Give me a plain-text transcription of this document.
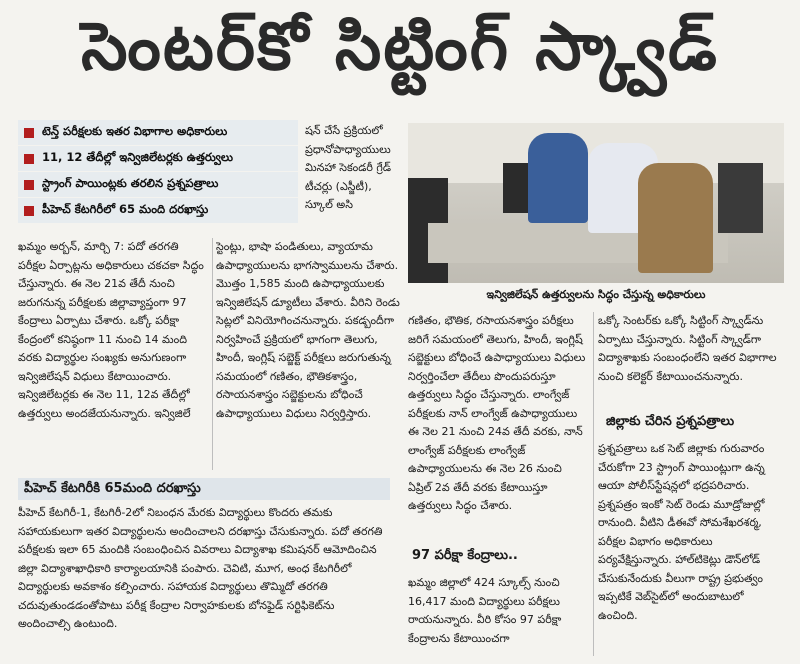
సెంటర్‌కో సిట్టింగ్ స్క్వాడ్
టెన్త్ పరీక్షలకు ఇతర విభాగాల అధికారులు
11, 12 తేదీల్లో ఇన్విజిలేటర్లకు ఉత్తర్వులు
స్ట్రాంగ్ పాయింట్లకు తరలిన ప్రశ్నపత్రాలు
పీహెచ్ కేటగిరీలో 65 మంది దరఖాస్తు

షన్ చేసే ప్రక్రియలో ప్రధానోపాధ్యాయులు మినహా సెకండరీ గ్రేడ్ టీచర్లు (ఎస్జీటీ), స్కూల్ అసి

ఇన్విజిలేషన్ ఉత్తర్వులను సిద్ధం చేస్తున్న అధికారులు

ఖమ్మం అర్బన్, మార్చి 7: పదో తరగతి పరీక్షల ఏర్పాట్లను అధికారులు చకచకా సిద్ధం చేస్తున్నారు. ఈ నెల 21వ తేదీ నుంచి జరుగనున్న పరీక్షలకు జిల్లావ్యాప్తంగా 97 కేంద్రాలు ఏర్పాటు చేశారు. ఒక్కో పరీక్షా కేంద్రంలో కనిష్ఠంగా 11 నుంచి 14 మంది వరకు విద్యార్థుల సంఖ్యకు అనుగుణంగా ఇన్విజిలేషన్ విధులు కేటాయించారు. ఇన్విజిలేటర్లకు ఈ నెల 11, 12వ తేదీల్లో ఉత్తర్వులు అందజేయనున్నారు. ఇన్విజిలే

స్టెంట్లు, భాషా పండితులు, వ్యాయామ ఉపాధ్యాయులను భాగస్వాములను చేశారు. మొత్తం 1,585 మంది ఉపాధ్యాయులకు ఇన్విజిలేషన్ డ్యూటీలు వేశారు. వీరిని రెండు సెట్లలో వినియోగించనున్నారు. పకడ్బందీగా నిర్వహించే ప్రక్రియలో భాగంగా తెలుగు, హిందీ, ఇంగ్లిష్ సబ్జెక్ట్ పరీక్షలు జరుగుతున్న సమయంలో గణితం, భౌతికశాస్త్రం, రసాయనశాస్త్రం సబ్జెక్టులను బోధించే ఉపాధ్యాయులు విధులు నిర్వర్తిస్తారు.

గణితం, భౌతిక, రసాయనశాస్త్రం పరీక్షలు జరిగే సమయంలో తెలుగు, హిందీ, ఇంగ్లిష్ సబ్జెక్టులు బోధించే ఉపాధ్యాయులు విధులు నిర్వర్తించేలా తేదీలు పొందుపరుస్తూ ఉత్తర్వులు సిద్ధం చేస్తున్నారు. లాంగ్వేజ్ పరీక్షలకు నాన్ లాంగ్వేజ్ ఉపాధ్యాయులు ఈ నెల 21 నుంచి 24వ తేదీ వరకు, నాన్ లాంగ్వేజ్ పరీక్షలకు లాంగ్వేజ్ ఉపాధ్యాయులను ఈ నెల 26 నుంచి ఏప్రిల్ 2వ తేదీ వరకు కేటాయిస్తూ ఉత్తర్వులు సిద్ధం చేశారు.

97 పరీక్షా కేంద్రాలు..

ఖమ్మం జిల్లాలో 424 స్కూల్స్ నుంచి 16,417 మంది విద్యార్థులు పరీక్షలు రాయనున్నారు. వీరి కోసం 97 పరీక్షా కేంద్రాలను కేటాయించగా

ఒక్కో సెంటర్‌కు ఒక్కో సిట్టింగ్ స్క్వాడ్‌ను ఏర్పాటు చేస్తున్నారు. సిట్టింగ్ స్క్వాడ్‌గా విద్యాశాఖకు సంబంధంలేని ఇతర విభాగాల నుంచి కలెక్టర్ కేటాయించనున్నారు.

జిల్లాకు చేరిన ప్రశ్నపత్రాలు

ప్రశ్నపత్రాలు ఒక సెట్ జిల్లాకు గురువారం చేరుకోగా 23 స్ట్రాంగ్ పాయింట్లుగా ఉన్న ఆయా పోలీస్‌స్టేషన్లలో భద్రపరిచారు. ప్రశ్నపత్రం ఇంకో సెట్ రెండు మూడ్రోజుల్లో రానుంది. వీటిని డీఈవో సోమశేఖరశర్మ, పరీక్షల విభాగం అధికారులు పర్యవేక్షిస్తున్నారు. హాల్‌టికెట్లు డౌన్‌లోడ్ చేసుకునేందుకు వీలుగా రాష్ట్ర ప్రభుత్వం ఇప్పటికే వెబ్‌సైట్‌లో అందుబాటులో ఉంచింది.

పీహెచ్ కేటగిరీకి 65మంది దరఖాస్తు

పీహెచ్ కేటగిరీ-1, కేటగిరీ-2లో నిబంధన మేరకు విద్యార్థులు కొందరు తమకు సహాయకులుగా ఇతర విద్యార్థులను అందించాలని దరఖాస్తు చేసుకున్నారు. పదో తరగతి పరీక్షలకు ఇలా 65 మందికి సంబంధించిన వివరాలు విద్యాశాఖ కమిషనర్ ఆమోదించిన జిల్లా విద్యాశాఖాధికారి కార్యాలయానికి పంపారు. చెవిటి, మూగ, అంధ కేటగిరీలో విద్యార్థులకు అవకాశం కల్పించారు. సహాయక విద్యార్థులు తొమ్మిదో తరగతి చదువుతుండడంతోపాటు పరీక్ష కేంద్రాల నిర్వాహకులకు బోనఫైడ్ సర్టిఫికెట్‌ను అందించాల్సి ఉంటుంది.
